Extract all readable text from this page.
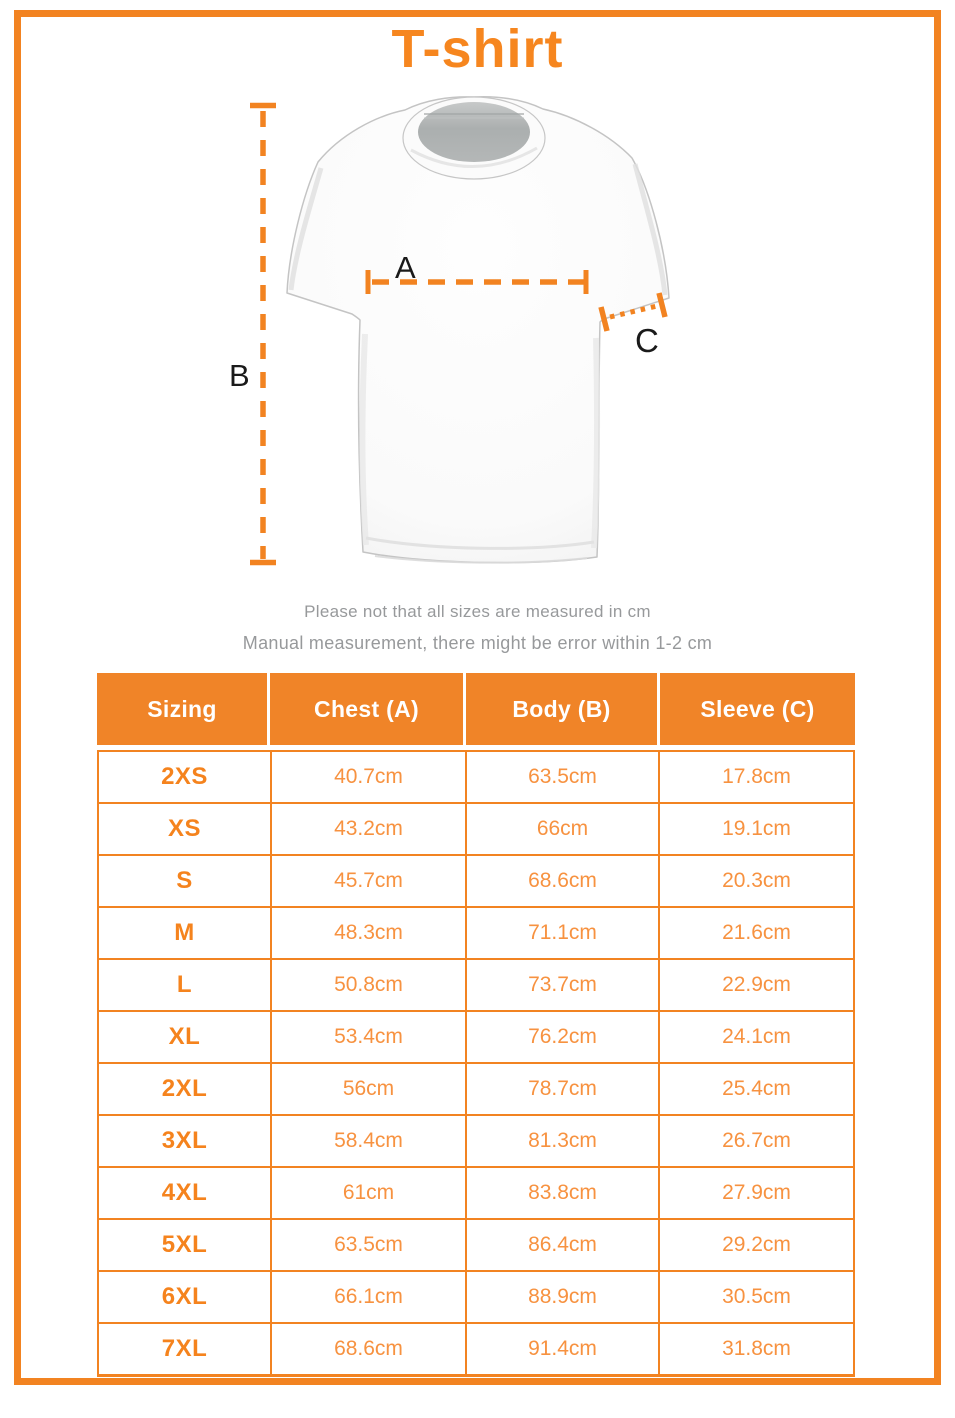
T-shirt
A
B
C

Please not that all sizes are measured in cm

Manual measurement, there might be error within 1-2 cm

Sizing	Chest (A)	Body (B)	Sleeve (C)
2XS	40.7cm	63.5cm	17.8cm
XS	43.2cm	66cm	19.1cm
S	45.7cm	68.6cm	20.3cm
M	48.3cm	71.1cm	21.6cm
L	50.8cm	73.7cm	22.9cm
XL	53.4cm	76.2cm	24.1cm
2XL	56cm	78.7cm	25.4cm
3XL	58.4cm	81.3cm	26.7cm
4XL	61cm	83.8cm	27.9cm
5XL	63.5cm	86.4cm	29.2cm
6XL	66.1cm	88.9cm	30.5cm
7XL	68.6cm	91.4cm	31.8cm
